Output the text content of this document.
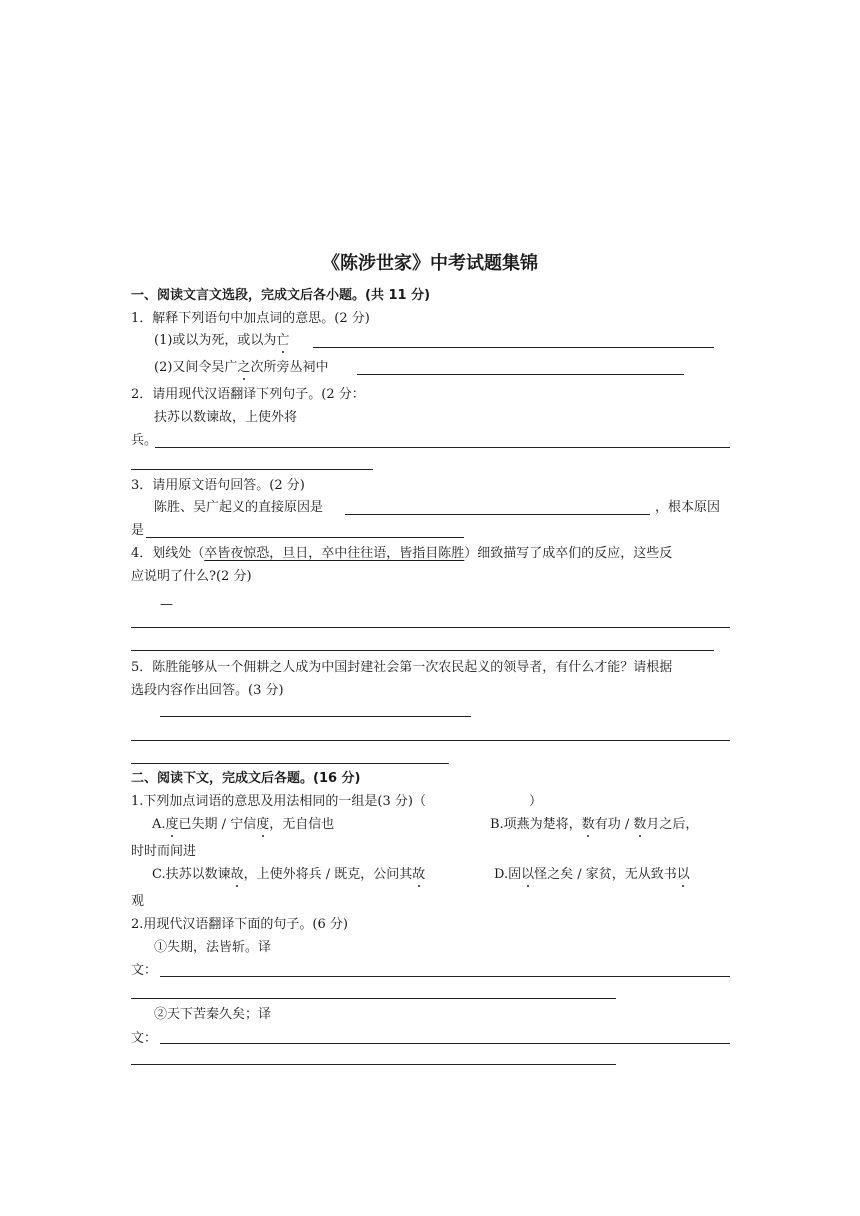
《陈涉世家》中考试题集锦
一、阅读文言文选段，完成文后各小题。(共 11 分)
1．解释下列语句中加点词的意思。(2 分)
(1)或以为死，或以为亡
(2)又间令吴广之次所旁丛祠中
2．请用现代汉语翻译下列句子。(2 分：
扶苏以数谏故，上使外将
兵。
3．请用原文语句回答。(2 分)
陈胜、吴广起义的直接原因是	，根本原因
是
4．划线处（卒皆夜惊恐，旦日，卒中往往语，皆指目陈胜）细致描写了成卒们的反应，这些反
应说明了什么?(2 分)
—
5．陈胜能够从一个佣耕之人成为中国封建社会第一次农民起义的领导者，有什么才能？请根据
选段内容作出回答。(3 分)
二、阅读下文，完成文后各题。(16 分)
1.下列加点词语的意思及用法相同的一组是(3 分)（	）
A.度已失期 / 宁信度，无自信也	B.项燕为楚将，数有功 / 数月之后，
时时而间进
C.扶苏以数谏故，上使外将兵 / 既克，公问其故	D.固以怪之矣 / 家贫，无从致书以
观
2.用现代汉语翻译下面的句子。(6 分)
①失期，法皆斩。译
文：
②天下苦秦久矣；译
文：
